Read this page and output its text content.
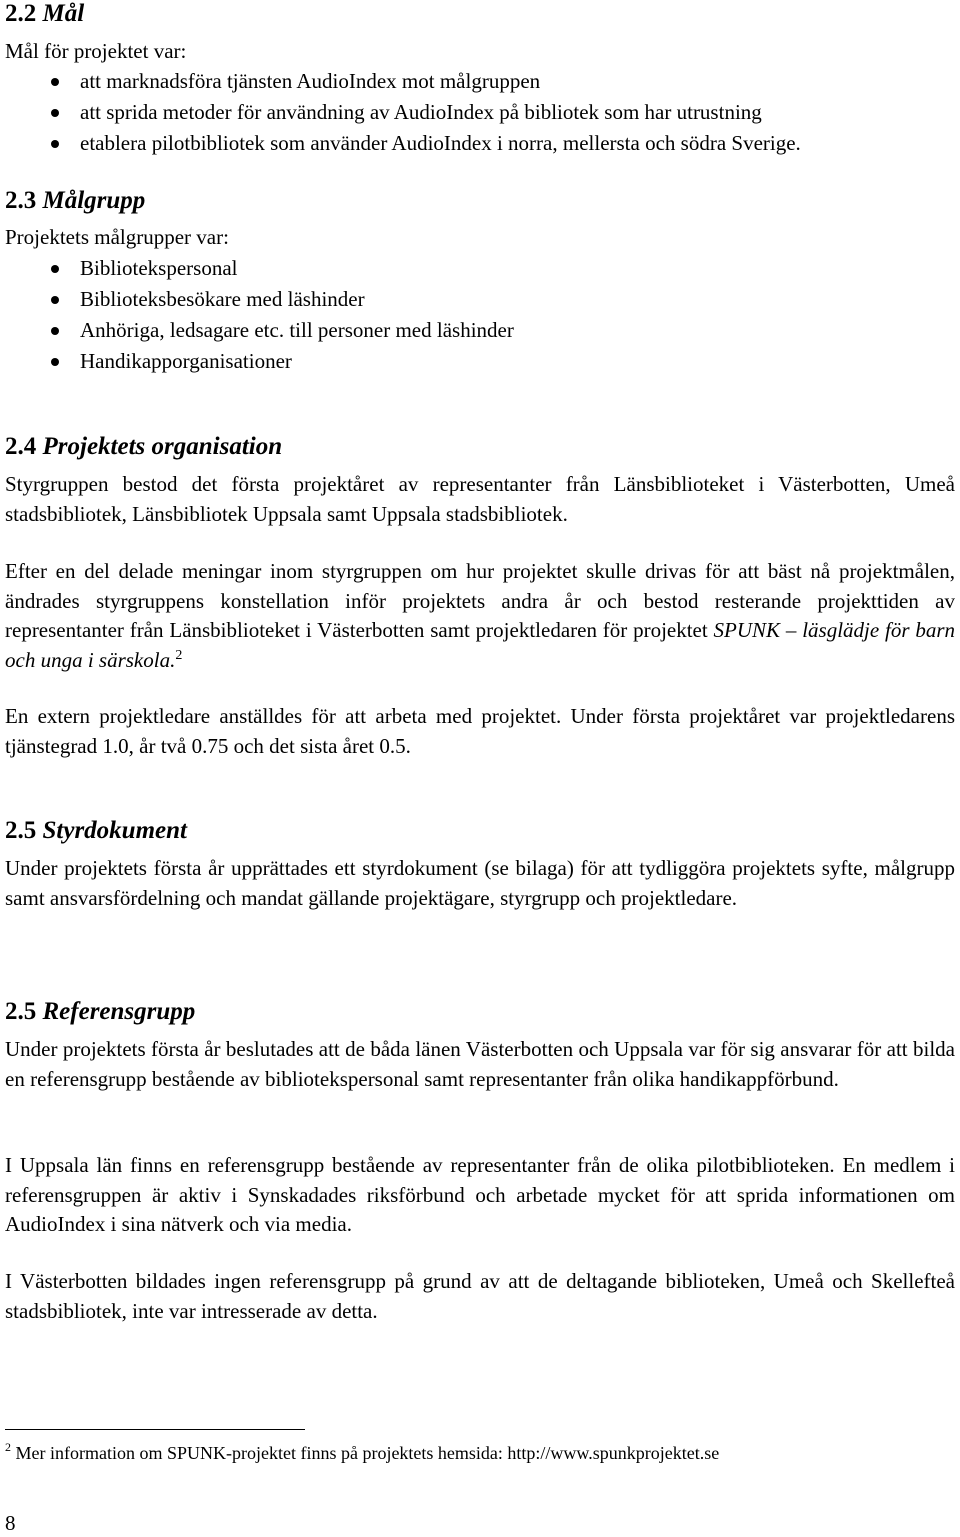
2.2 Mål

Mål för projektet var:

att marknadsföra tjänsten AudioIndex mot målgruppen
att sprida metoder för användning av AudioIndex på bibliotek som har utrustning
etablera pilotbibliotek som använder AudioIndex i norra, mellersta och södra Sverige.
2.3 Målgrupp

Projektets målgrupper var:

Bibliotekspersonal
Biblioteksbesökare med läshinder
Anhöriga, ledsagare etc. till personer med läshinder
Handikapporganisationer
2.4 Projektets organisation

Styrgruppen bestod det första projektåret av representanter från Länsbiblioteket i Västerbotten, Umeå stadsbibliotek, Länsbibliotek Uppsala samt Uppsala stadsbibliotek.

Efter en del delade meningar inom styrgruppen om hur projektet skulle drivas för att bäst nå projektmålen, ändrades styrgruppens konstellation inför projektets andra år och bestod resterande projekttiden av representanter från Länsbiblioteket i Västerbotten samt projektledaren för projektet SPUNK – läsglädje för barn och unga i särskola.$^2$

En extern projektledare anställdes för att arbeta med projektet. Under första projektåret var projektledarens tjänstegrad 1.0, år två 0.75 och det sista året 0.5.

2.5 Styrdokument

Under projektets första år upprättades ett styrdokument (se bilaga) för att tydliggöra projektets syfte, målgrupp samt ansvarsfördelning och mandat gällande projektägare, styrgrupp och projektledare.

2.5 Referensgrupp

Under projektets första år beslutades att de båda länen Västerbotten och Uppsala var för sig ansvarar för att bilda en referensgrupp bestående av bibliotekspersonal samt representanter från olika handikappförbund.

I Uppsala län finns en referensgrupp bestående av representanter från de olika pilotbiblioteken. En medlem i referensgruppen är aktiv i Synskadades riksförbund och arbetade mycket för att sprida informationen om AudioIndex i sina nätverk och via media.

I Västerbotten bildades ingen referensgrupp på grund av att de deltagande biblioteken, Umeå och Skellefteå stadsbibliotek, inte var intresserade av detta.

$^2$ Mer information om SPUNK-projektet finns på projektets hemsida: http://www.spunkprojektet.se
8
